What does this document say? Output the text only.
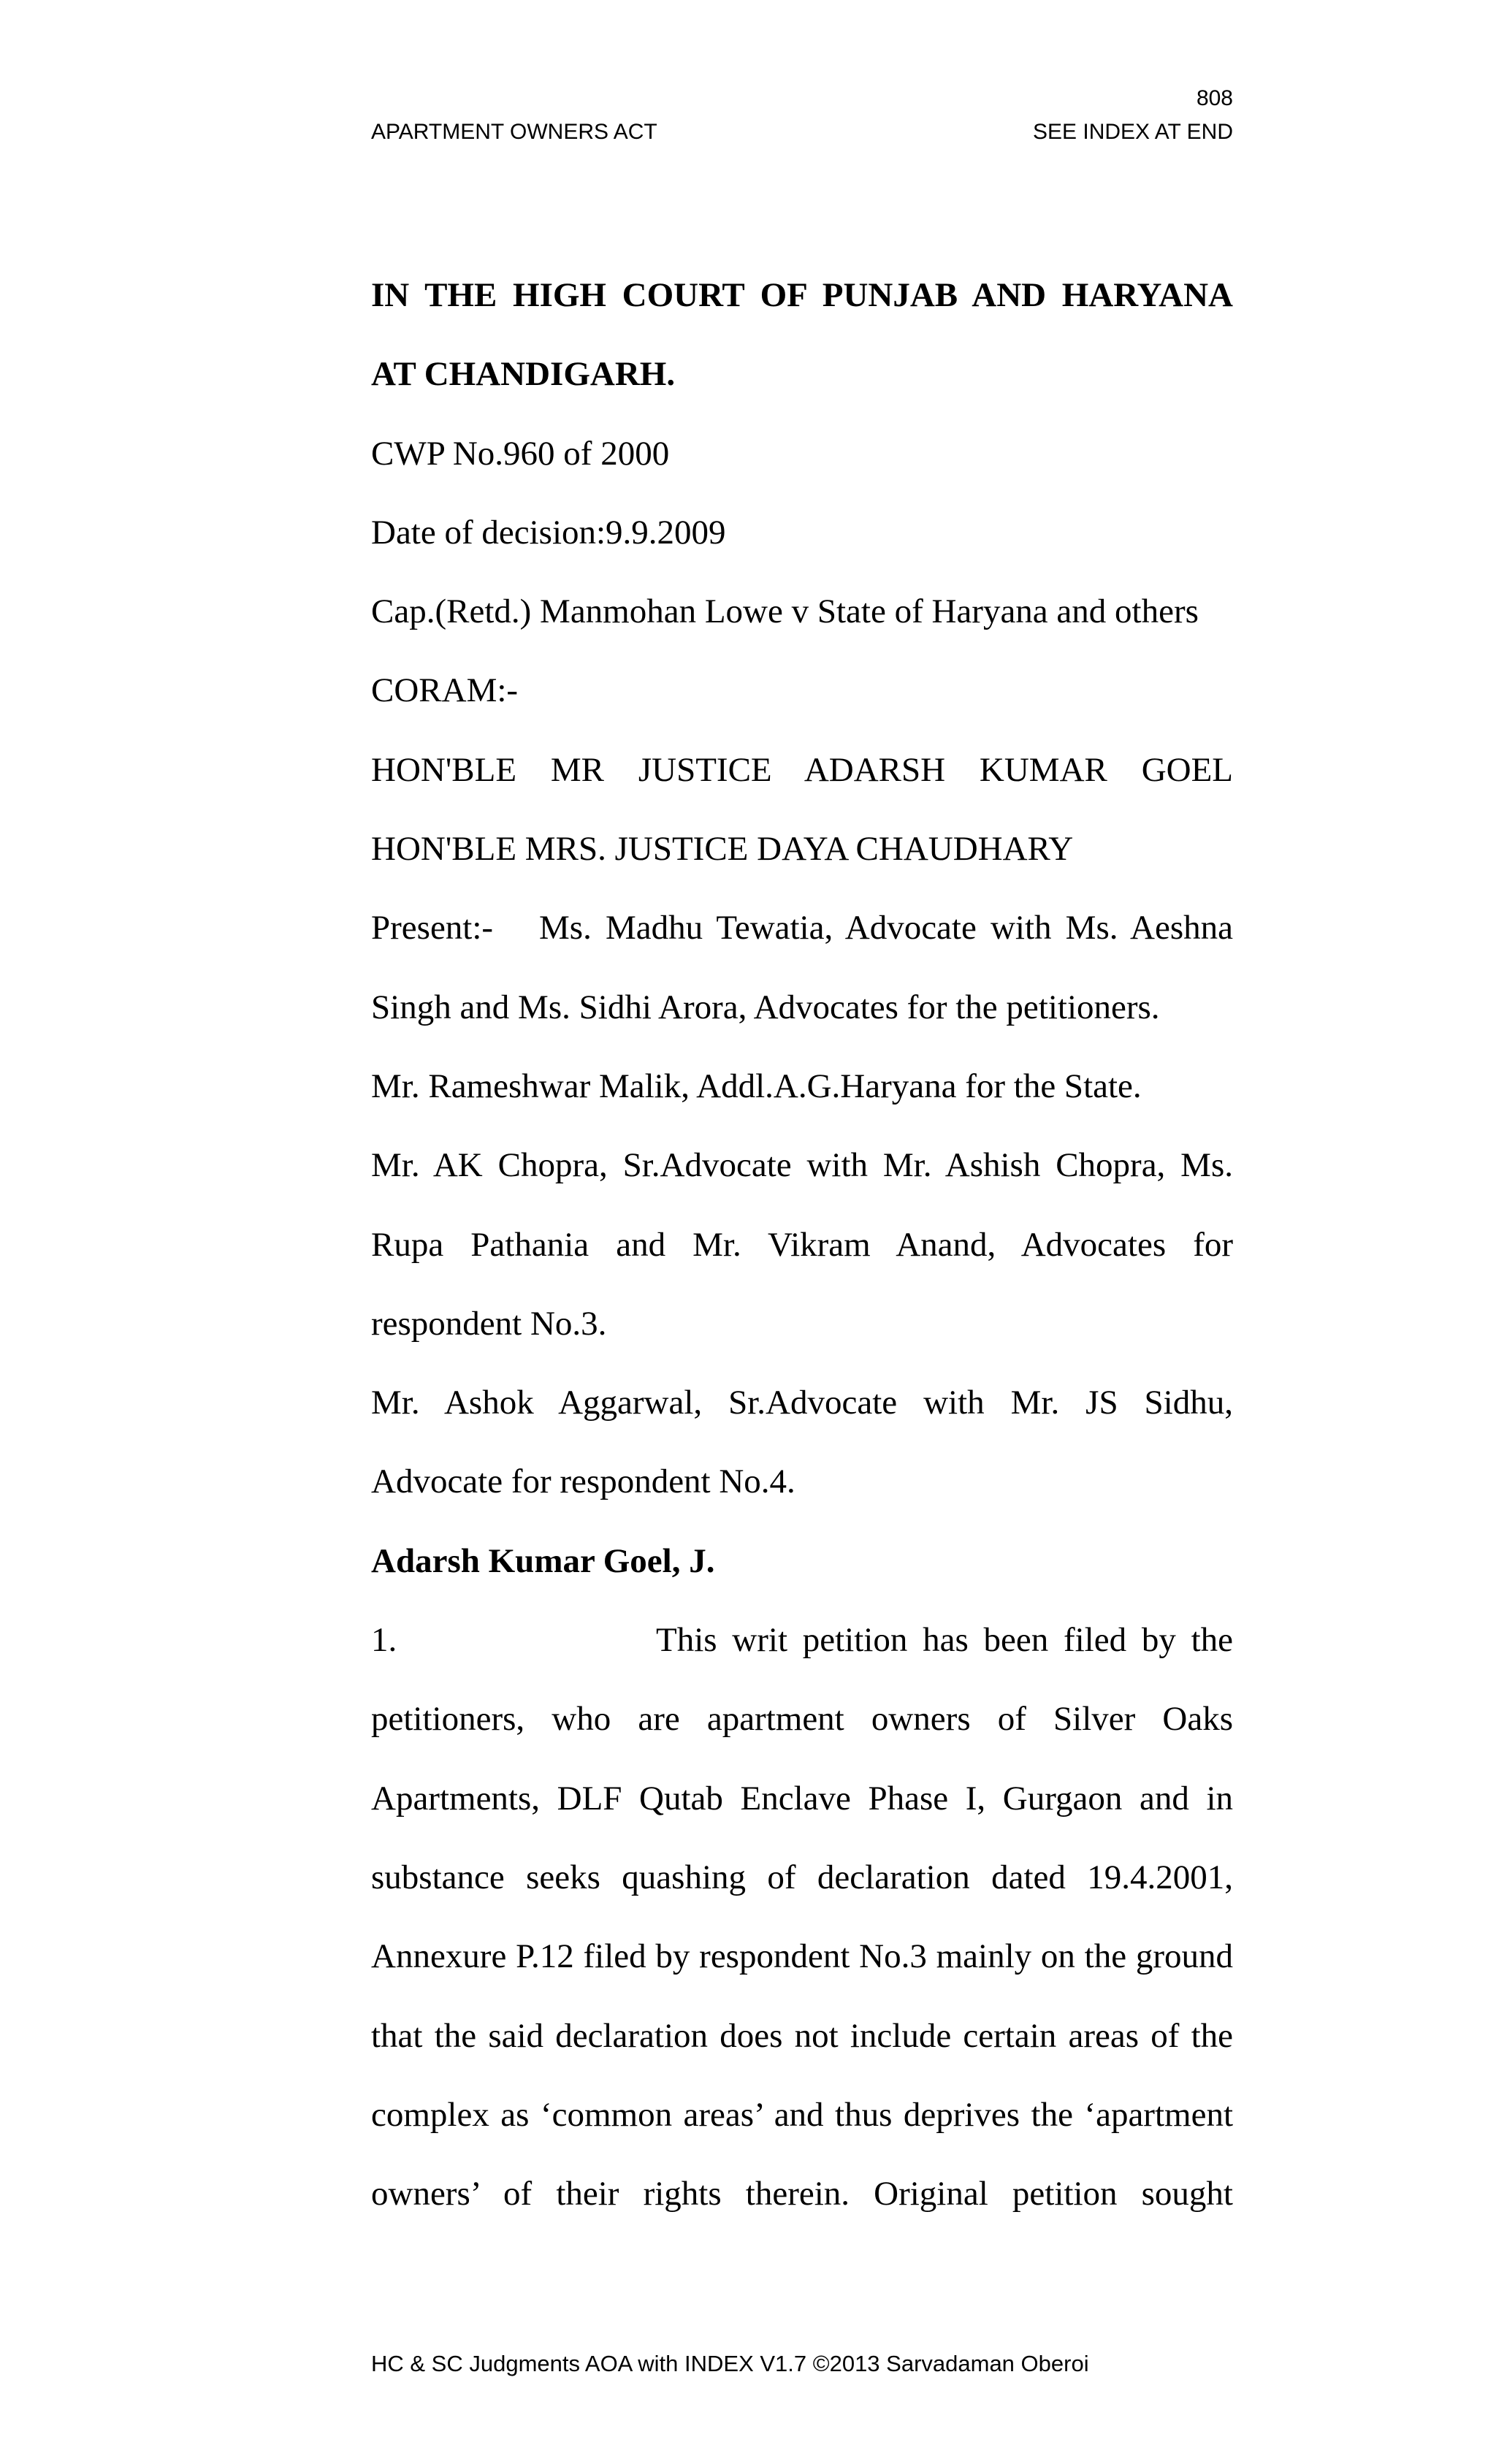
808
APARTMENT OWNERS ACT	SEE INDEX AT END
IN THE HIGH COURT OF PUNJAB AND HARYANA
AT CHANDIGARH.
CWP No.960 of 2000
Date of decision:9.9.2009
Cap.(Retd.) Manmohan Lowe v State of Haryana and others
CORAM:-
HON'BLE MR JUSTICE ADARSH KUMAR GOEL
HON'BLE MRS. JUSTICE DAYA CHAUDHARY
Present:- Ms. Madhu Tewatia, Advocate with Ms. Aeshna
Singh and Ms. Sidhi Arora, Advocates for the petitioners.
Mr. Rameshwar Malik, Addl.A.G.Haryana for the State.
Mr. AK Chopra, Sr.Advocate with Mr. Ashish Chopra, Ms.
Rupa Pathania and Mr. Vikram Anand, Advocates for
respondent No.3.
Mr. Ashok Aggarwal, Sr.Advocate with Mr. JS Sidhu,
Advocate for respondent No.4.
Adarsh Kumar Goel, J.
1.	This writ petition has been filed by the
petitioners, who are apartment owners of Silver Oaks
Apartments, DLF Qutab Enclave Phase I, Gurgaon and in
substance seeks quashing of declaration dated 19.4.2001,
Annexure P.12 filed by respondent No.3 mainly on the ground
that the said declaration does not include certain areas of the
complex as ‘common areas’ and thus deprives the ‘apartment
owners’ of their rights therein. Original petition sought
HC & SC Judgments AOA with INDEX V1.7 ©2013 Sarvadaman Oberoi
